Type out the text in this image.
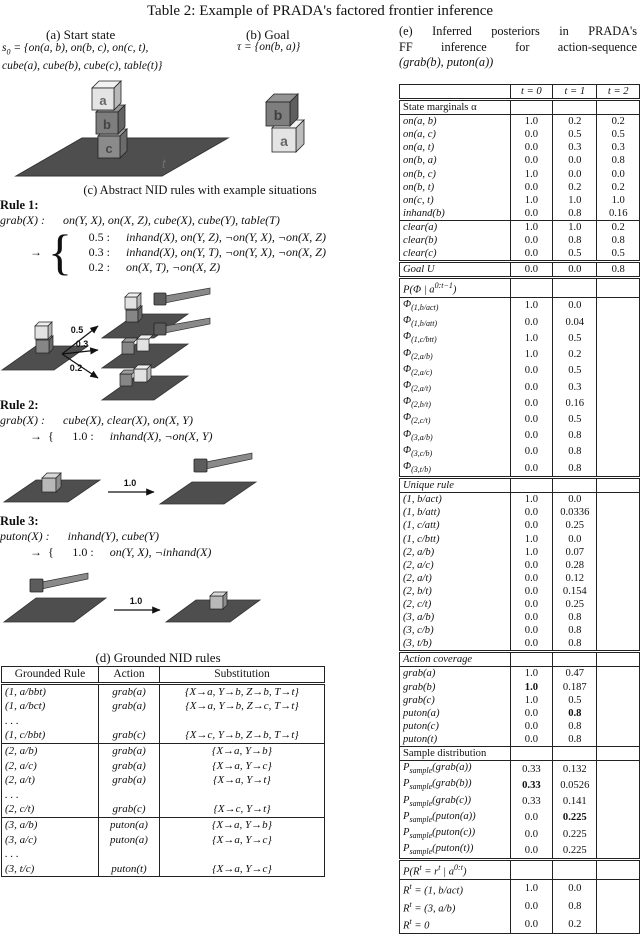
Table 2: Example of PRADA's factored frontier inference
(a) Start state
$s_0 = \{on(a$, b), on(b, c), on(c, t),
cube(a), cube(b), cube(c), table(t)}
t
c
b
a
(b) Goal
τ = {on(b, a)}
a
b
(c) Abstract NID rules with example situations
Rule 1:
grab(X) : on(Y, X), on(X, Z), cube(X), cube(Y), table(T)
→ {	0.5 : inhand(X), on(Y, Z), ¬on(Y, X), ¬on(X, Z)
0.3 : inhand(X), on(Y, T), ¬on(Y, X), ¬on(X, Z)
0.2 : on(X, T), ¬on(X, Z)
0.5
0.3
0.2
Rule 2:
grab(X) : cube(X), clear(X), on(X, Y)
→ {	1.0 : inhand(X), ¬on(X, Y)
1.0
Rule 3:
puton(X) : inhand(Y), cube(Y)
→ {	1.0 : on(Y, X), ¬inhand(X)
1.0
(d) Grounded NID rules
Grounded Rule	Action	Substitution
(1, a/bbt)	grab(a)	{X→a, Y→b, Z→b, T→t}
(1, a/bct)	grab(a)	{X→a, Y→b, Z→c, T→t}
. . .		
(1, c/bbt)	grab(c)	{X→c, Y→b, Z→b, T→t}
(2, a/b)	grab(a)	{X→a, Y→b}
(2, a/c)	grab(a)	{X→a, Y→c}
(2, a/t)	grab(a)	{X→a, Y→t}
. . .		
(2, c/t)	grab(c)	{X→c, Y→t}
(3, a/b)	puton(a)	{X→a, Y→b}
(3, a/c)	puton(a)	{X→a, Y→c}
. . .		
(3, t/c)	puton(t)	{X→a, Y→c}
(e) Inferred posteriors in PRADA's
FF inference for action-sequence
(grab(b), puton(a))
	t = 0	t = 1	t = 2
State marginals α			
on(a, b)	1.0	0.2	0.2
on(a, c)	0.0	0.5	0.5
on(a, t)	0.0	0.3	0.3
on(b, a)	0.0	0.0	0.8
on(b, c)	1.0	0.0	0.0
on(b, t)	0.0	0.2	0.2
on(c, t)	1.0	1.0	1.0
inhand(b)	0.0	0.8	0.16
clear(a)	1.0	1.0	0.2
clear(b)	0.0	0.8	0.8
clear(c)	0.0	0.5	0.5
Goal U	0.0	0.0	0.8
P(Φ | $a^{0:t-1}$)			
$\Phi_{(1,b/act)}$	1.0	0.0	
$\Phi_{(1,b/att)}$	0.0	0.04	
$\Phi_{(1,c/btt)}$	1.0	0.5	
$\Phi_{(2,a/b)}$	1.0	0.2	
$\Phi_{(2,a/c)}$	0.0	0.5	
$\Phi_{(2,a/t)}$	0.0	0.3	
$\Phi_{(2,b/t)}$	0.0	0.16	
$\Phi_{(2,c/t)}$	0.0	0.5	
$\Phi_{(3,a/b)}$	0.0	0.8	
$\Phi_{(3,c/b)}$	0.0	0.8	
$\Phi_{(3,t/b)}$	0.0	0.8	
Unique rule			
(1, b/act)	1.0	0.0	
(1, b/att)	0.0	0.0336	
(1, c/att)	0.0	0.25	
(1, c/btt)	1.0	0.0	
(2, a/b)	1.0	0.07	
(2, a/c)	0.0	0.28	
(2, a/t)	0.0	0.12	
(2, b/t)	0.0	0.154	
(2, c/t)	0.0	0.25	
(3, a/b)	0.0	0.8	
(3, c/b)	0.0	0.8	
(3, t/b)	0.0	0.8	
Action coverage			
grab(a)	1.0	0.47	
grab(b)	1.0	0.187	
grab(c)	1.0	0.5	
puton(a)	0.0	0.8	
puton(c)	0.0	0.8	
puton(t)	0.0	0.8	
Sample distribution			
$P_{sample}(grab(a))$	0.33	0.132	
$P_{sample}(grab(b))$	0.33	0.0526	
$P_{sample}(grab(c))$	0.33	0.141	
$P_{sample}(puton(a))$	0.0	0.225	
$P_{sample}(puton(c))$	0.0	0.225	
$P_{sample}(puton(t))$	0.0	0.225	
$P(R^t = r^t$ | $a^{0:t}$)			
$R^t = (1$, b/act)	1.0	0.0	
$R^t = (3$, a/b)	0.0	0.8	
$R^t = 0$	0.0	0.2	
